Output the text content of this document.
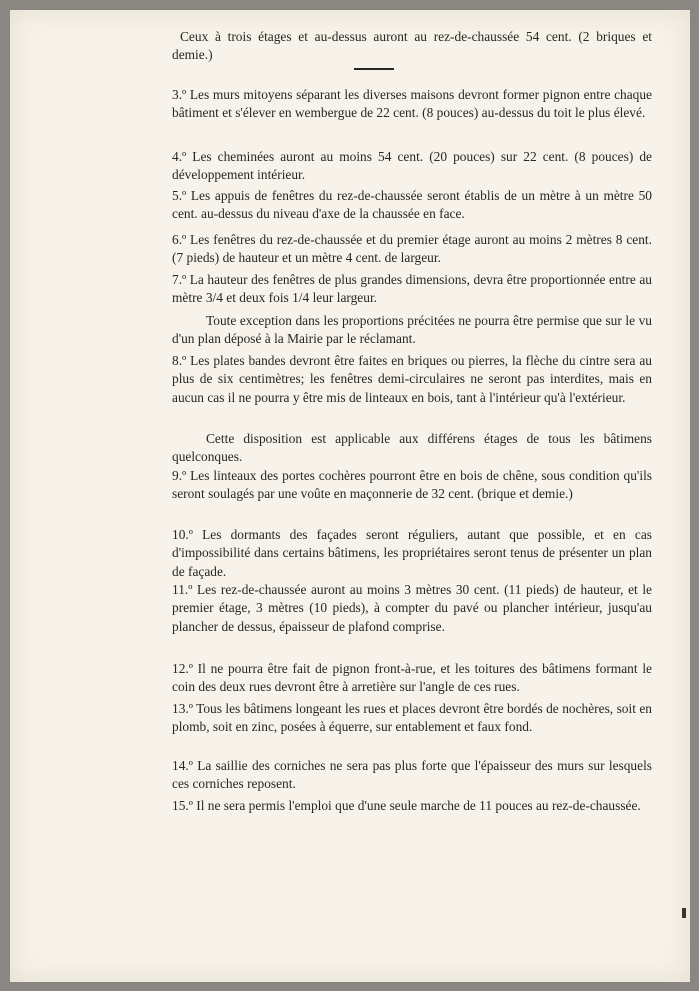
Ceux à trois étages et au-dessus auront au rez-de-chaussée 54 cent. (2 briques et demie.)
3.º Les murs mitoyens séparant les diverses maisons devront former pignon entre chaque bâtiment et s'élever en wembergue de 22 cent. (8 pouces) au-dessus du toit le plus élevé.
4.º Les cheminées auront au moins 54 cent. (20 pouces) sur 22 cent. (8 pouces) de développement intérieur.
5.º Les appuis de fenêtres du rez-de-chaussée seront établis de un mètre à un mètre 50 cent. au-dessus du niveau d'axe de la chaussée en face.
6.º Les fenêtres du rez-de-chaussée et du premier étage auront au moins 2 mètres 8 cent. (7 pieds) de hauteur et un mètre 4 cent. de largeur.
7.º La hauteur des fenêtres de plus grandes dimensions, devra être proportionnée entre au mètre 3/4 et deux fois 1/4 leur largeur.
Toute exception dans les proportions précitées ne pourra être permise que sur le vu d'un plan déposé à la Mairie par le réclamant.
8.º Les plates bandes devront être faites en briques ou pierres, la flèche du cintre sera au plus de six centimètres; les fenêtres demi-circulaires ne seront pas interdites, mais en aucun cas il ne pourra y être mis de linteaux en bois, tant à l'intérieur qu'à l'extérieur.
Cette disposition est applicable aux différens étages de tous les bâtimens quelconques.
9.º Les linteaux des portes cochères pourront être en bois de chêne, sous condition qu'ils seront soulagés par une voûte en maçonnerie de 32 cent. (brique et demie.)
10.º Les dormants des façades seront réguliers, autant que possible, et en cas d'impossibilité dans certains bâtimens, les propriétaires seront tenus de présenter un plan de façade.
11.º Les rez-de-chaussée auront au moins 3 mètres 30 cent. (11 pieds) de hauteur, et le premier étage, 3 mètres (10 pieds), à compter du pavé ou plancher intérieur, jusqu'au plancher de dessus, épaisseur de plafond comprise.
12.º Il ne pourra être fait de pignon front-à-rue, et les toitures des bâtimens formant le coin des deux rues devront être à arretière sur l'angle de ces rues.
13.º Tous les bâtimens longeant les rues et places devront être bordés de nochères, soit en plomb, soit en zinc, posées à équerre, sur entablement et faux fond.
14.º La saillie des corniches ne sera pas plus forte que l'épaisseur des murs sur lesquels ces corniches reposent.
15.º Il ne sera permis l'emploi que d'une seule marche de 11 pouces au rez-de-chaussée.
